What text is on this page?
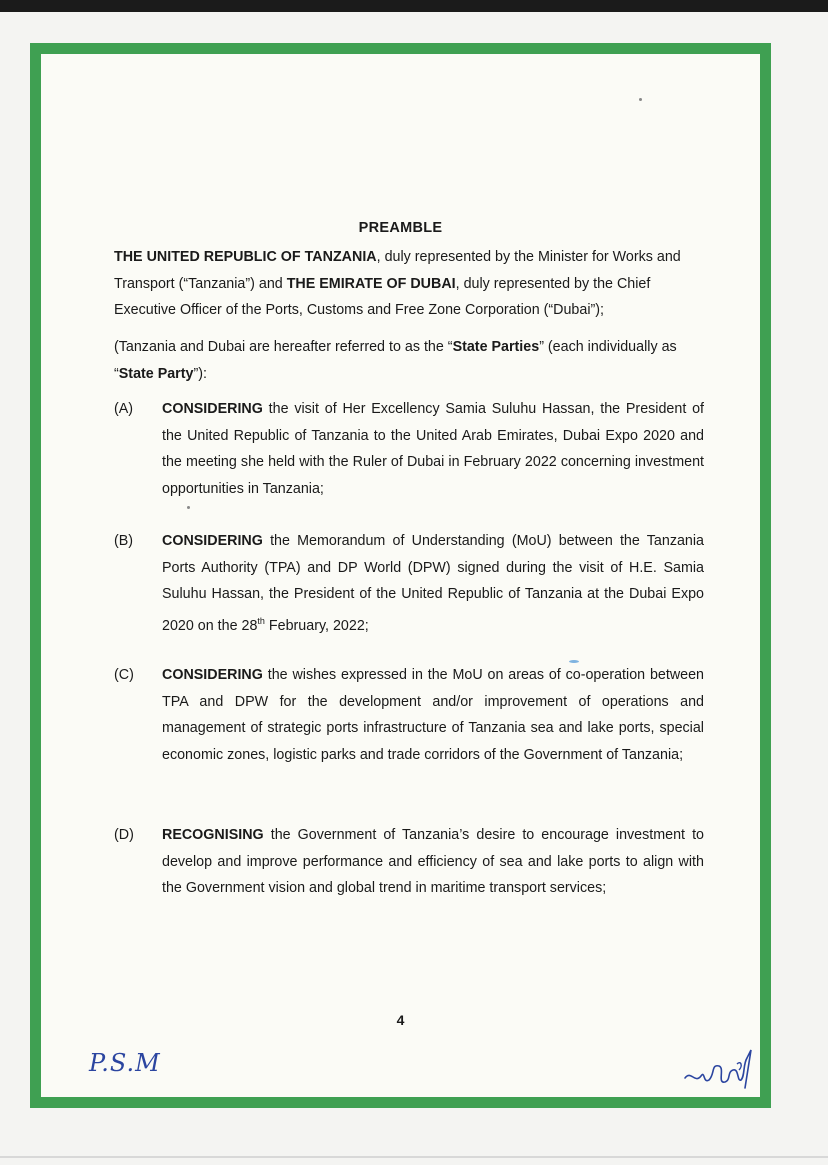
PREAMBLE
THE UNITED REPUBLIC OF TANZANIA, duly represented by the Minister for Works and Transport (“Tanzania”) and THE EMIRATE OF DUBAI, duly represented by the Chief Executive Officer of the Ports, Customs and Free Zone Corporation (“Dubai”);
(Tanzania and Dubai are hereafter referred to as the “State Parties” (each individually as “State Party”):
(A)	CONSIDERING the visit of Her Excellency Samia Suluhu Hassan, the President of the United Republic of Tanzania to the United Arab Emirates, Dubai Expo 2020 and the meeting she held with the Ruler of Dubai in February 2022 concerning investment opportunities in Tanzania;
(B)	CONSIDERING the Memorandum of Understanding (MoU) between the Tanzania Ports Authority (TPA) and DP World (DPW) signed during the visit of H.E. Samia Suluhu Hassan, the President of the United Republic of Tanzania at the Dubai Expo 2020 on the 28th February, 2022;
(C)	CONSIDERING the wishes expressed in the MoU on areas of co-operation between TPA and DPW for the development and/or improvement of operations and management of strategic ports infrastructure of Tanzania sea and lake ports, special economic zones, logistic parks and trade corridors of the Government of Tanzania;
(D)	RECOGNISING the Government of Tanzania’s desire to encourage investment to develop and improve performance and efficiency of sea and lake ports to align with the Government vision and global trend in maritime transport services;
4
P.S.M
